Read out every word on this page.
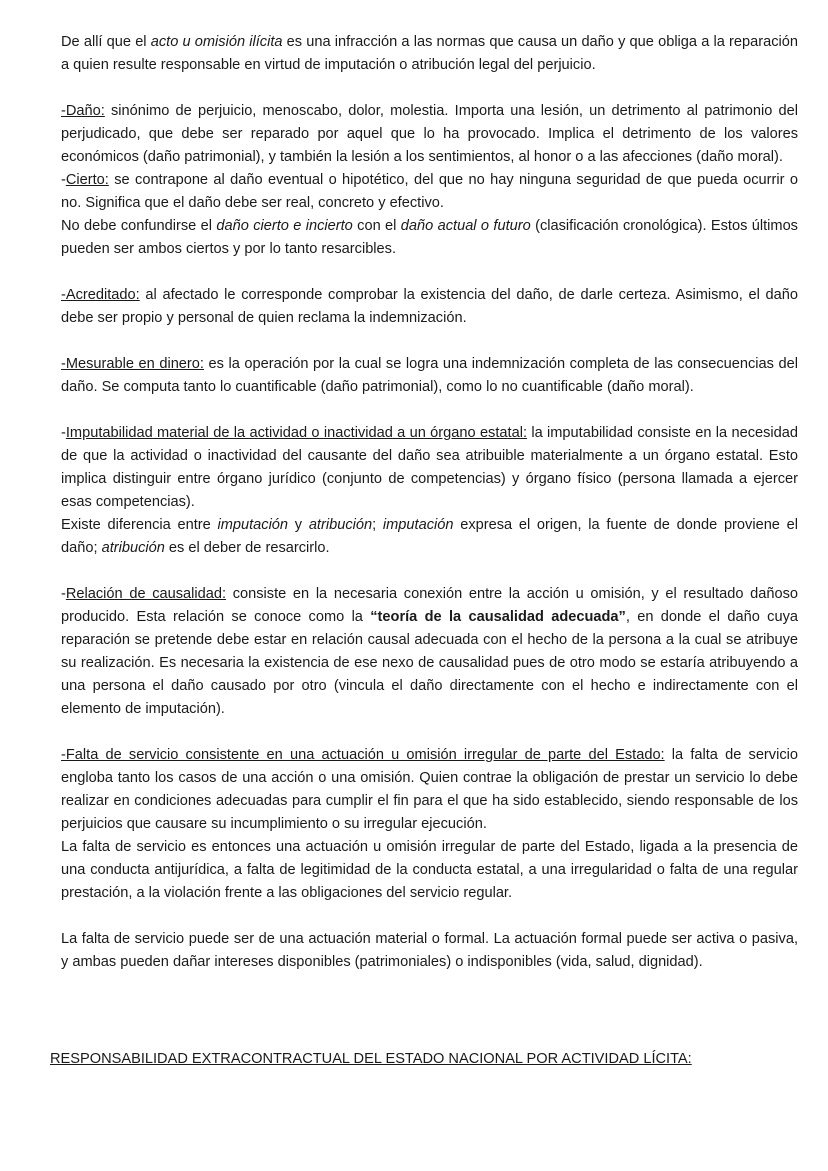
De allí que el acto u omisión ilícita es una infracción a las normas que causa un daño y que obliga a la reparación a quien resulte responsable en virtud de imputación o atribución legal del perjuicio.

-Daño: sinónimo de perjuicio, menoscabo, dolor, molestia. Importa una lesión, un detrimento al patrimonio del perjudicado, que debe ser reparado por aquel que lo ha provocado. Implica el detrimento de los valores económicos (daño patrimonial), y también la lesión a los sentimientos, al honor o a las afecciones (daño moral).

-Cierto: se contrapone al daño eventual o hipotético, del que no hay ninguna seguridad de que pueda ocurrir o no. Significa que el daño debe ser real, concreto y efectivo.

No debe confundirse el daño cierto e incierto con el daño actual o futuro (clasificación cronológica). Estos últimos pueden ser ambos ciertos y por lo tanto resarcibles.

-Acreditado: al afectado le corresponde comprobar la existencia del daño, de darle certeza. Asimismo, el daño debe ser propio y personal de quien reclama la indemnización.

-Mesurable en dinero: es la operación por la cual se logra una indemnización completa de las consecuencias del daño. Se computa tanto lo cuantificable (daño patrimonial), como lo no cuantificable (daño moral).

-Imputabilidad material de la actividad o inactividad a un órgano estatal: la imputabilidad consiste en la necesidad de que la actividad o inactividad del causante del daño sea atribuible materialmente a un órgano estatal. Esto implica distinguir entre órgano jurídico (conjunto de competencias) y órgano físico (persona llamada a ejercer esas competencias).

Existe diferencia entre imputación y atribución; imputación expresa el origen, la fuente de donde proviene el daño; atribución es el deber de resarcirlo.

-Relación de causalidad: consiste en la necesaria conexión entre la acción u omisión, y el resultado dañoso producido. Esta relación se conoce como la “teoría de la causalidad adecuada”, en donde el daño cuya reparación se pretende debe estar en relación causal adecuada con el hecho de la persona a la cual se atribuye su realización. Es necesaria la existencia de ese nexo de causalidad pues de otro modo se estaría atribuyendo a una persona el daño causado por otro (vincula el daño directamente con el hecho e indirectamente con el elemento de imputación).

-Falta de servicio consistente en una actuación u omisión irregular de parte del Estado: la falta de servicio engloba tanto los casos de una acción o una omisión. Quien contrae la obligación de prestar un servicio lo debe realizar en condiciones adecuadas para cumplir el fin para el que ha sido establecido, siendo responsable de los perjuicios que causare su incumplimiento o su irregular ejecución.

La falta de servicio es entonces una actuación u omisión irregular de parte del Estado, ligada a la presencia de una conducta antijurídica, a falta de legitimidad de la conducta estatal, a una irregularidad o falta de una regular prestación, a la violación frente a las obligaciones del servicio regular.

La falta de servicio puede ser de una actuación material o formal. La actuación formal puede ser activa o pasiva, y ambas pueden dañar intereses disponibles (patrimoniales) o indisponibles (vida, salud, dignidad).

RESPONSABILIDAD EXTRACONTRACTUAL DEL ESTADO NACIONAL POR ACTIVIDAD LÍCITA:
